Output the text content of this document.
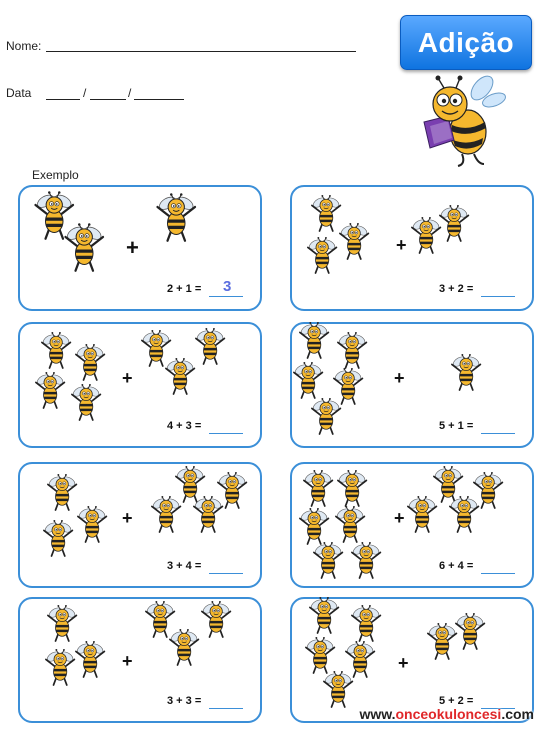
Nome:
Data	/	/
Adição
Exemplo
+
2 + 1 = 3
+
3 + 2 =
+
4 + 3 =
+
5 + 1 =
+
3 + 4 =
+
6 + 4 =
+
3 + 3 =
+
5 + 2 =
www.onceokuloncesi.com
